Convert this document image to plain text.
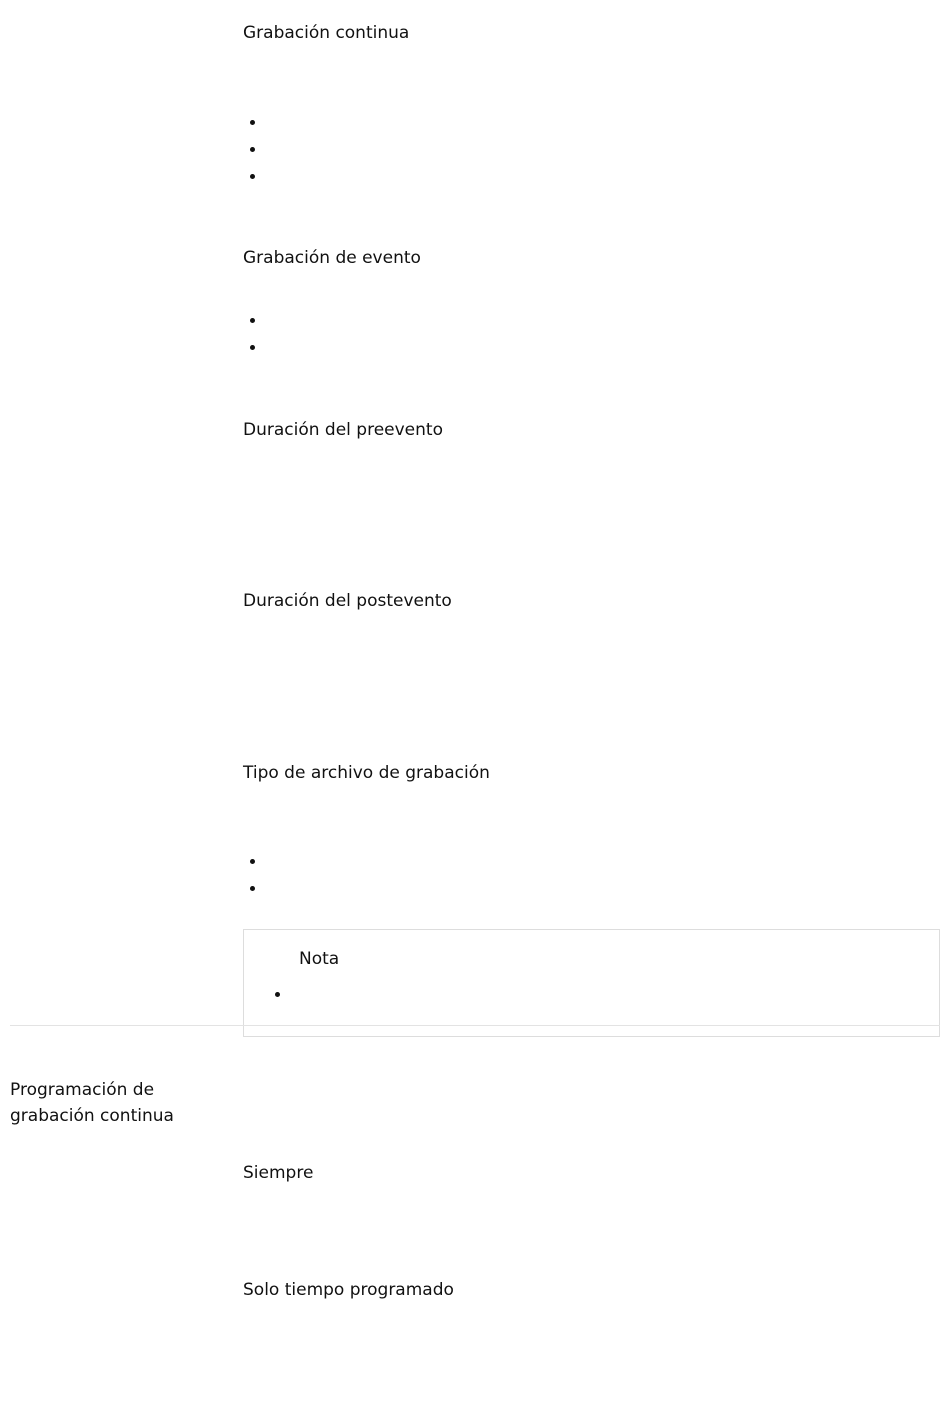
Grabación continua
Grabación de evento
Duración del preevento
Duración del postevento
Tipo de archivo de grabación
Nota
Programación de grabación continua
Siempre
Solo tiempo programado
